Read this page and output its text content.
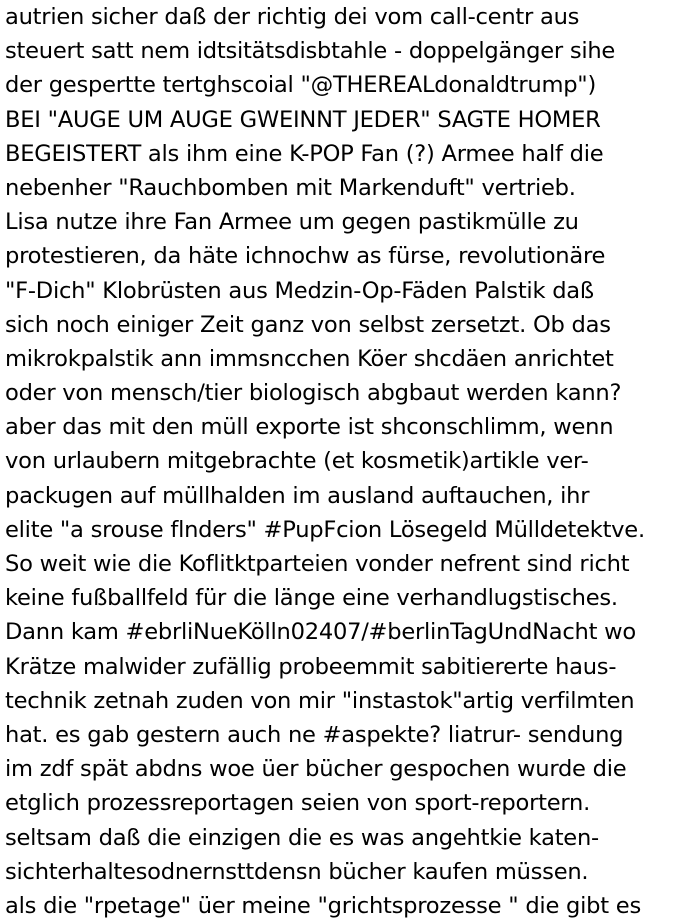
autrien sicher daß der richtig dei vom call-centr aus
steuert satt nem idtsitätsdisbtahle - doppelgänger sihe
der gespertte tertghscoial "@THEREALdonaldtrump")
BEI "AUGE UM AUGE GWEINNT JEDER" SAGTE HOMER
BEGEISTERT als ihm eine K-POP Fan (?) Armee half die
nebenher "Rauchbomben mit Markenduft" vertrieb.
Lisa nutze ihre Fan Armee um gegen pastikmülle zu
protestieren, da häte ichnochw as fürse, revolutionäre
"F-Dich" Klobrüsten aus Medzin-Op-Fäden Palstik daß
sich noch einiger Zeit ganz von selbst zersetzt. Ob das
mikrokpalstik ann immsncchen Köer shcdäen anrichtet
oder von mensch/tier biologisch abgbaut werden kann?
aber das mit den müll exporte ist shconschlimm, wenn
von urlaubern mitgebrachte (et kosmetik)artikle ver-
packugen auf müllhalden im ausland auftauchen, ihr
elite "a srouse flnders" #PupFcion Lösegeld Mülldetektve.
So weit wie die Koflitktparteien vonder nefrent sind richt
keine fußballfeld für die länge eine verhandlugstisches.
Dann kam #ebrliNueKölln02407/#berlinTagUndNacht wo
Krätze malwider zufällig probeemmit sabitiererte haus-
technik zetnah zuden von mir "instastok"artig verfilmten
hat. es gab gestern auch ne #aspekte? liatrur- sendung
im zdf spät abdns woe üer bücher gespochen wurde die
etglich prozessreportagen seien von sport-reportern.
seltsam daß die einzigen die es was angehtkie katen-
sichterhaltesodnernsttdensn bücher kaufen müssen.
als die "rpetage" üer meine "grichtsprozesse " die gibt es
